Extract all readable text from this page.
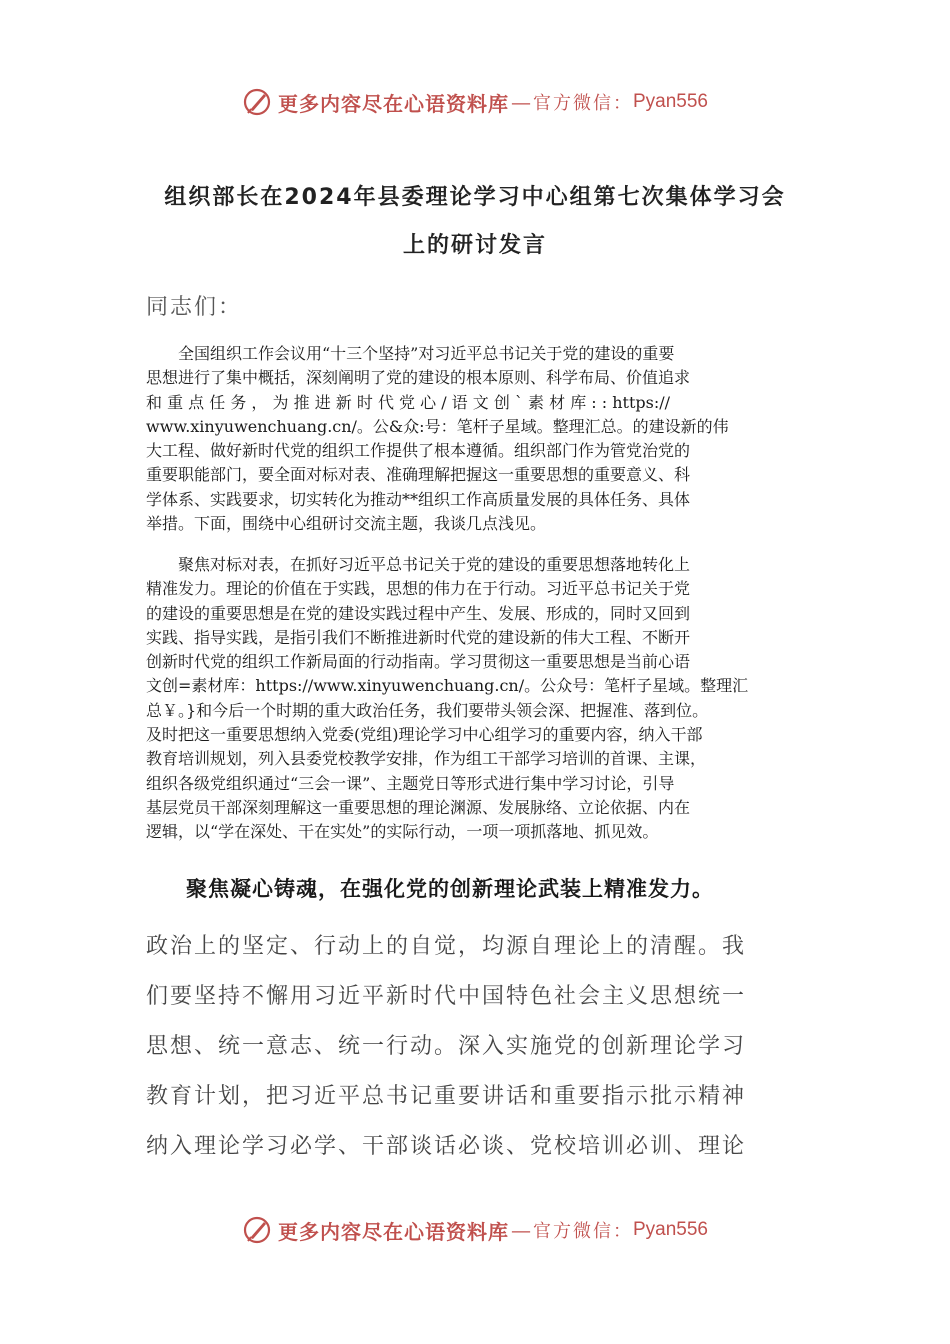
更多内容尽在心语资料库 — 官方微信： Pyan556
组织部长在2024年县委理论学习中心组第七次集体学习会
上的研讨发言
同志们：
　　全国组织工作会议用“十三个坚持”对习近平总书记关于党的建设的重要
思想进行了集中概括，深刻阐明了党的建设的根本原则、科学布局、价值追求
和 重 点 任 务 ， 为 推 进 新 时 代 党 心 / 语 文 创 ` 素 材 库 : : https://
www.xinyuwenchuang.cn/。公&众:号：笔杆子星域。整理汇总。的建设新的伟
大工程、做好新时代党的组织工作提供了根本遵循。组织部门作为管党治党的
重要职能部门，要全面对标对表、准确理解把握这一重要思想的重要意义、科
学体系、实践要求，切实转化为推动**组织工作高质量发展的具体任务、具体
举措。下面，围绕中心组研讨交流主题，我谈几点浅见。
　　聚焦对标对表，在抓好习近平总书记关于党的建设的重要思想落地转化上
精准发力。理论的价值在于实践，思想的伟力在于行动。习近平总书记关于党
的建设的重要思想是在党的建设实践过程中产生、发展、形成的，同时又回到
实践、指导实践，是指引我们不断推进新时代党的建设新的伟大工程、不断开
创新时代党的组织工作新局面的行动指南。学习贯彻这一重要思想是当前心语
文创=素材库：https://www.xinyuwenchuang.cn/。公众号：笔杆子星域。整理汇
总￥。}和今后一个时期的重大政治任务，我们要带头领会深、把握准、落到位。
及时把这一重要思想纳入党委(党组)理论学习中心组学习的重要内容，纳入干部
教育培训规划，列入县委党校教学安排，作为组工干部学习培训的首课、主课，
组织各级党组织通过“三会一课”、主题党日等形式进行集中学习讨论，引导
基层党员干部深刻理解这一重要思想的理论渊源、发展脉络、立论依据、内在
逻辑，以“学在深处、干在实处”的实际行动，一项一项抓落地、抓见效。
聚焦凝心铸魂，在强化党的创新理论武装上精准发力。
政治上的坚定、行动上的自觉，均源自理论上的清醒。我
们要坚持不懈用习近平新时代中国特色社会主义思想统一
思想、统一意志、统一行动。深入实施党的创新理论学习
教育计划，把习近平总书记重要讲话和重要指示批示精神
纳入理论学习必学、干部谈话必谈、党校培训必训、理论
更多内容尽在心语资料库 — 官方微信： Pyan556
